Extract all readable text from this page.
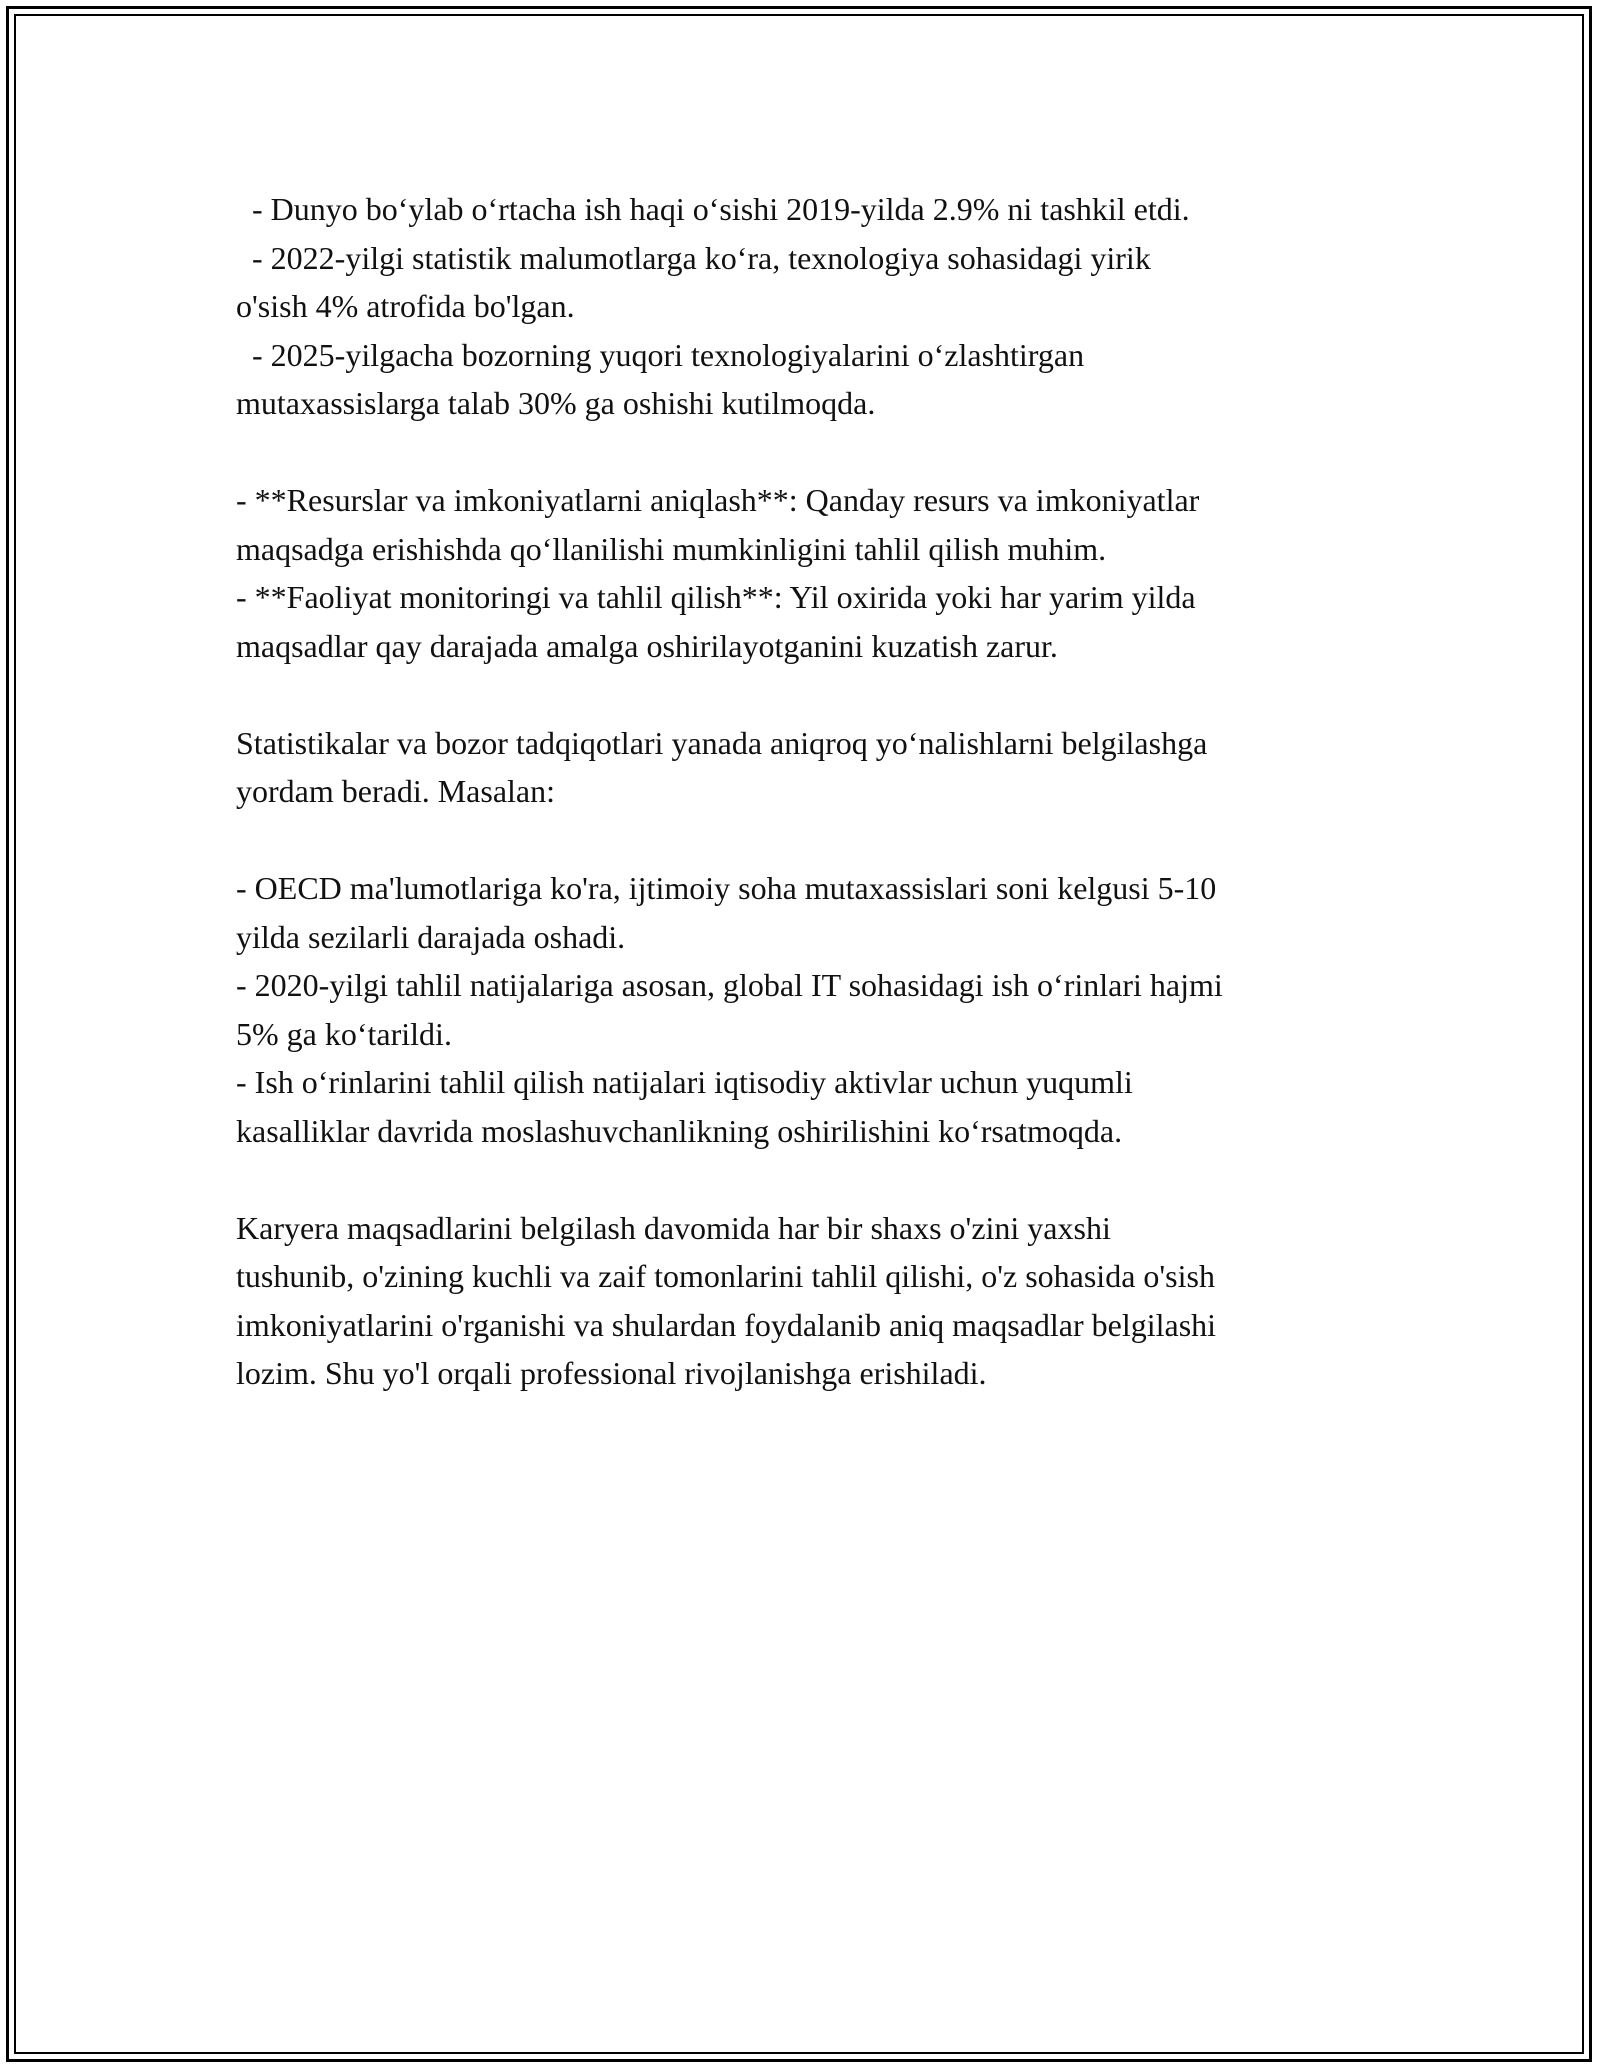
- Dunyo bo‘ylab o‘rtacha ish haqi o‘sishi 2019-yilda 2.9% ni tashkil etdi.
- 2022-yilgi statistik malumotlarga ko‘ra, texnologiya sohasidagi yirik
o'sish 4% atrofida bo'lgan.
- 2025-yilgacha bozorning yuqori texnologiyalarini o‘zlashtirgan
mutaxassislarga talab 30% ga oshishi kutilmoqda.
- **Resurslar va imkoniyatlarni aniqlash**: Qanday resurs va imkoniyatlar
maqsadga erishishda qo‘llanilishi mumkinligini tahlil qilish muhim.
- **Faoliyat monitoringi va tahlil qilish**: Yil oxirida yoki har yarim yilda
maqsadlar qay darajada amalga oshirilayotganini kuzatish zarur.
Statistikalar va bozor tadqiqotlari yanada aniqroq yo‘nalishlarni belgilashga
yordam beradi. Masalan:
- OECD ma'lumotlariga ko'ra, ijtimoiy soha mutaxassislari soni kelgusi 5-10
yilda sezilarli darajada oshadi.
- 2020-yilgi tahlil natijalariga asosan, global IT sohasidagi ish o‘rinlari hajmi
5% ga ko‘tarildi.
- Ish o‘rinlarini tahlil qilish natijalari iqtisodiy aktivlar uchun yuqumli
kasalliklar davrida moslashuvchanlikning oshirilishini ko‘rsatmoqda.
Karyera maqsadlarini belgilash davomida har bir shaxs o'zini yaxshi
tushunib, o'zining kuchli va zaif tomonlarini tahlil qilishi, o'z sohasida o'sish
imkoniyatlarini o'rganishi va shulardan foydalanib aniq maqsadlar belgilashi
lozim. Shu yo'l orqali professional rivojlanishga erishiladi.
